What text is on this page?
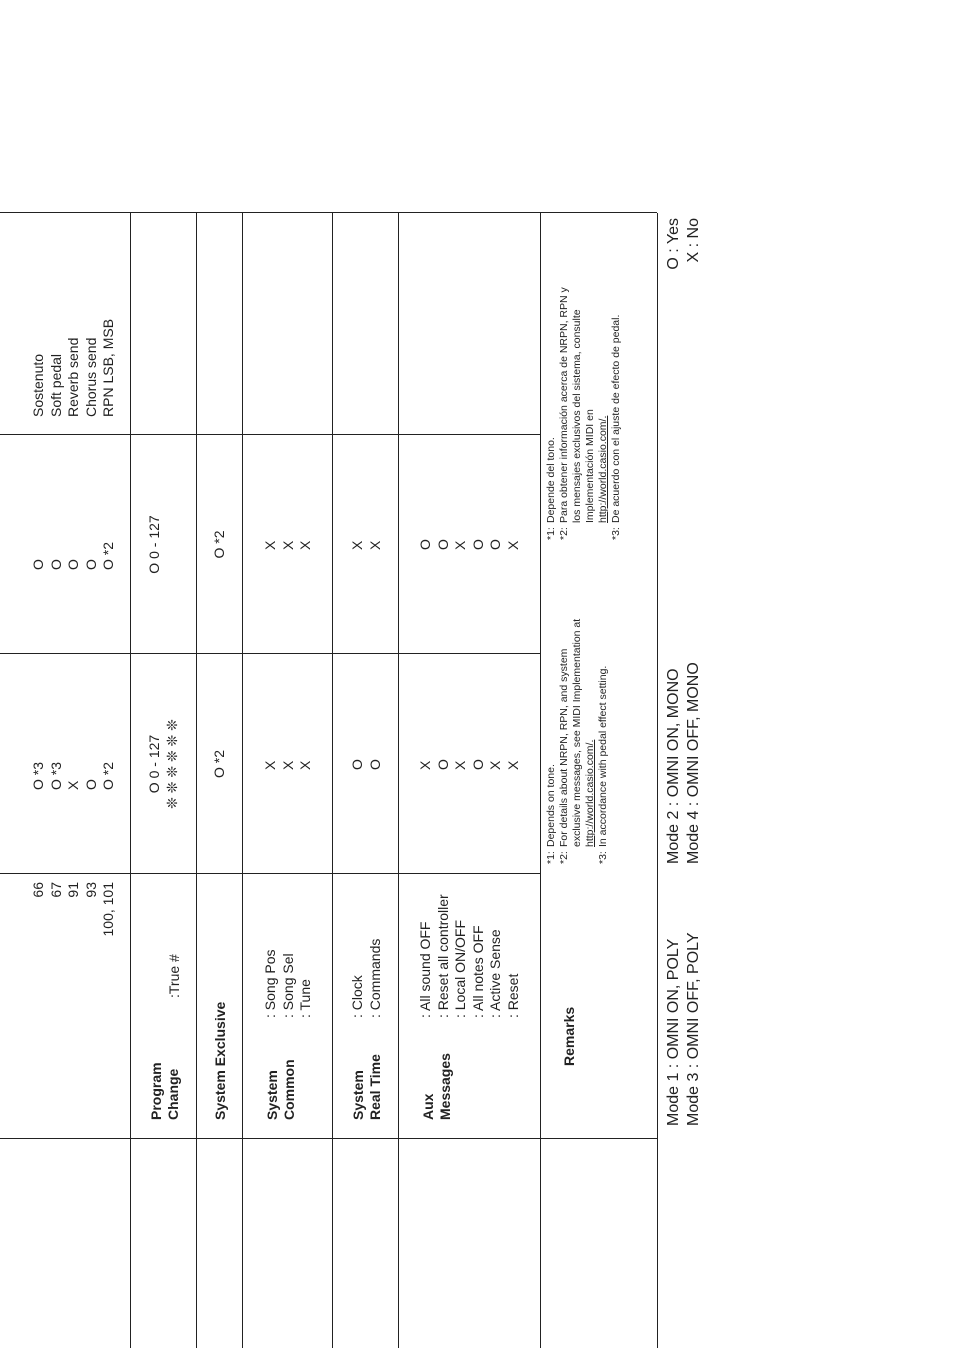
66 67 91 93 100, 101
O *3 O *3 X O O *2
O O O O O *2
Sostenuto Soft pedal Reverb send Chorus send RPN LSB, MSB
Program Change
:True #
O 0 - 127 ❊ ❊ ❊ ❊ ❊ ❊
O 0 - 127
System Exclusive
O *2
O *2
System Common
: Song Pos : Song Sel : Tune
X X X
X X X
System Real Time
: Clock : Commands
O O
X X
Aux Messages
: All sound OFF : Reset all controller : Local ON/OFF : All notes OFF : Active Sense : Reset
X O X O X X
O O X O O X
Remarks
*1:
Depends on tone.
*2:
For details about NRPN, RPN, and system exclusive messages, see MIDI Implementation at http://world.casio.com/.
*3:
In accordance with pedal effect setting.
*1:
Depende del tono.
*2:
Para obtener información acerca de NRPN, RPN y los mensajes exclusivos del sistema, consulte Implementación MIDI en http://world.casio.com/.
*3:
De acuerdo con el ajuste de efecto de pedal.
Mode 1 : OMNI ON, POLY Mode 3 : OMNI OFF, POLY
Mode 2 : OMNI ON, MONO Mode 4 : OMNI OFF, MONO
O : Yes X : No
